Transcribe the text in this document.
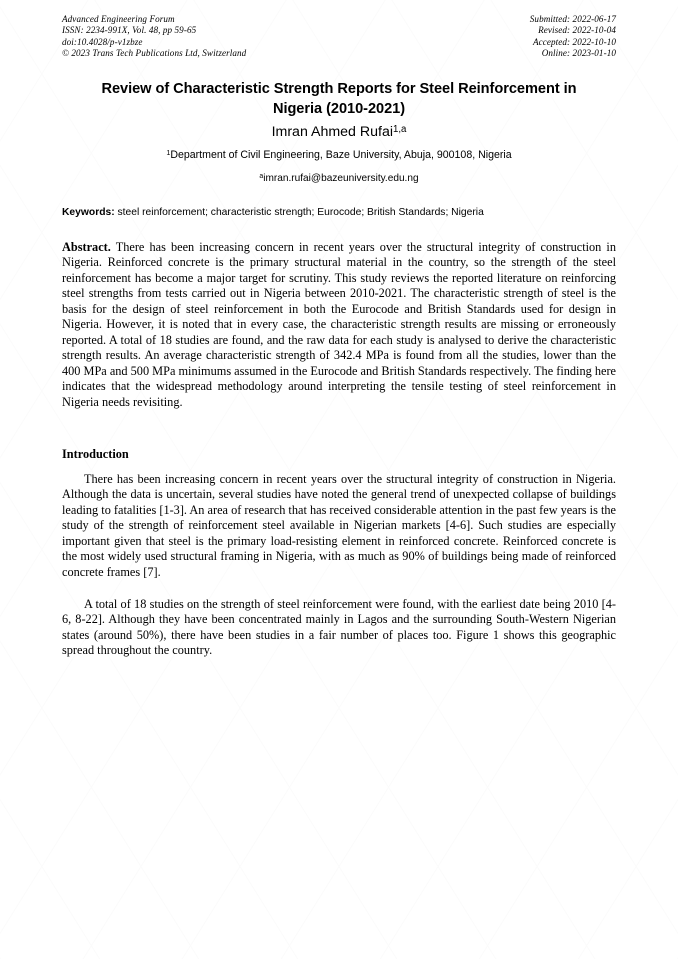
Advanced Engineering Forum
ISSN: 2234-991X, Vol. 48, pp 59-65
doi:10.4028/p-v1zbze
© 2023 Trans Tech Publications Ltd, Switzerland
Submitted: 2022-06-17
Revised: 2022-10-04
Accepted: 2022-10-10
Online: 2023-01-10
Review of Characteristic Strength Reports for Steel Reinforcement in
Nigeria (2010-2021)
Imran Ahmed Rufai$^{1,a}$
$^1$Department of Civil Engineering, Baze University, Abuja, 900108, Nigeria
$^a$imran.rufai@bazeuniversity.edu.ng
Keywords: steel reinforcement; characteristic strength; Eurocode; British Standards; Nigeria
Abstract. There has been increasing concern in recent years over the structural integrity of construction in Nigeria. Reinforced concrete is the primary structural material in the country, so the strength of the steel reinforcement has become a major target for scrutiny. This study reviews the reported literature on reinforcing steel strengths from tests carried out in Nigeria between 2010-2021. The characteristic strength of steel is the basis for the design of steel reinforcement in both the Eurocode and British Standards used for design in Nigeria. However, it is noted that in every case, the characteristic strength results are missing or erroneously reported. A total of 18 studies are found, and the raw data for each study is analysed to derive the characteristic strength results. An average characteristic strength of 342.4 MPa is found from all the studies, lower than the 400 MPa and 500 MPa minimums assumed in the Eurocode and British Standards respectively. The finding here indicates that the widespread methodology around interpreting the tensile testing of steel reinforcement in Nigeria needs revisiting.
Introduction

There has been increasing concern in recent years over the structural integrity of construction in Nigeria. Although the data is uncertain, several studies have noted the general trend of unexpected collapse of buildings leading to fatalities [1-3]. An area of research that has received considerable attention in the past few years is the study of the strength of reinforcement steel available in Nigerian markets [4-6]. Such studies are especially important given that steel is the primary load-resisting element in reinforced concrete. Reinforced concrete is the most widely used structural framing in Nigeria, with as much as 90% of buildings being made of reinforced concrete frames [7].

A total of 18 studies on the strength of steel reinforcement were found, with the earliest date being 2010 [4-6, 8-22]. Although they have been concentrated mainly in Lagos and the surrounding South-Western Nigerian states (around 50%), there have been studies in a fair number of places too. Figure 1 shows this geographic spread throughout the country.
